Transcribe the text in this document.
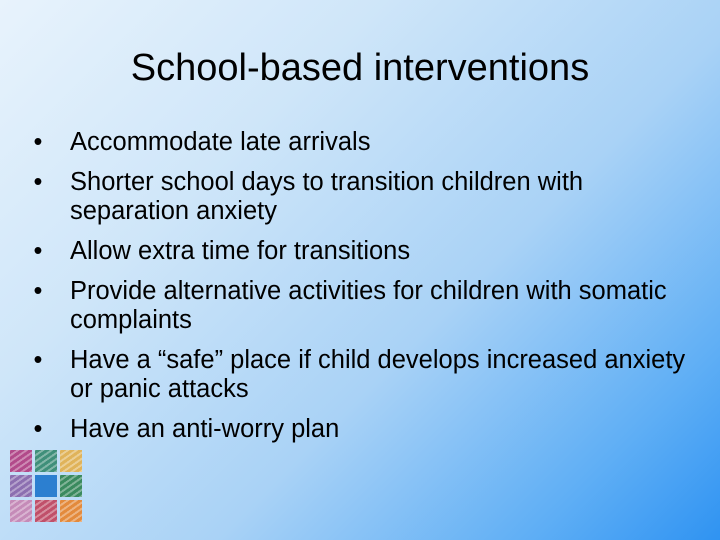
School-based interventions
• Accommodate late arrivals
• Shorter school days to transition children with separation anxiety
• Allow extra time for transitions
• Provide alternative activities for children with somatic complaints
• Have a “safe” place if child develops increased anxiety or panic attacks
• Have an anti-worry plan
